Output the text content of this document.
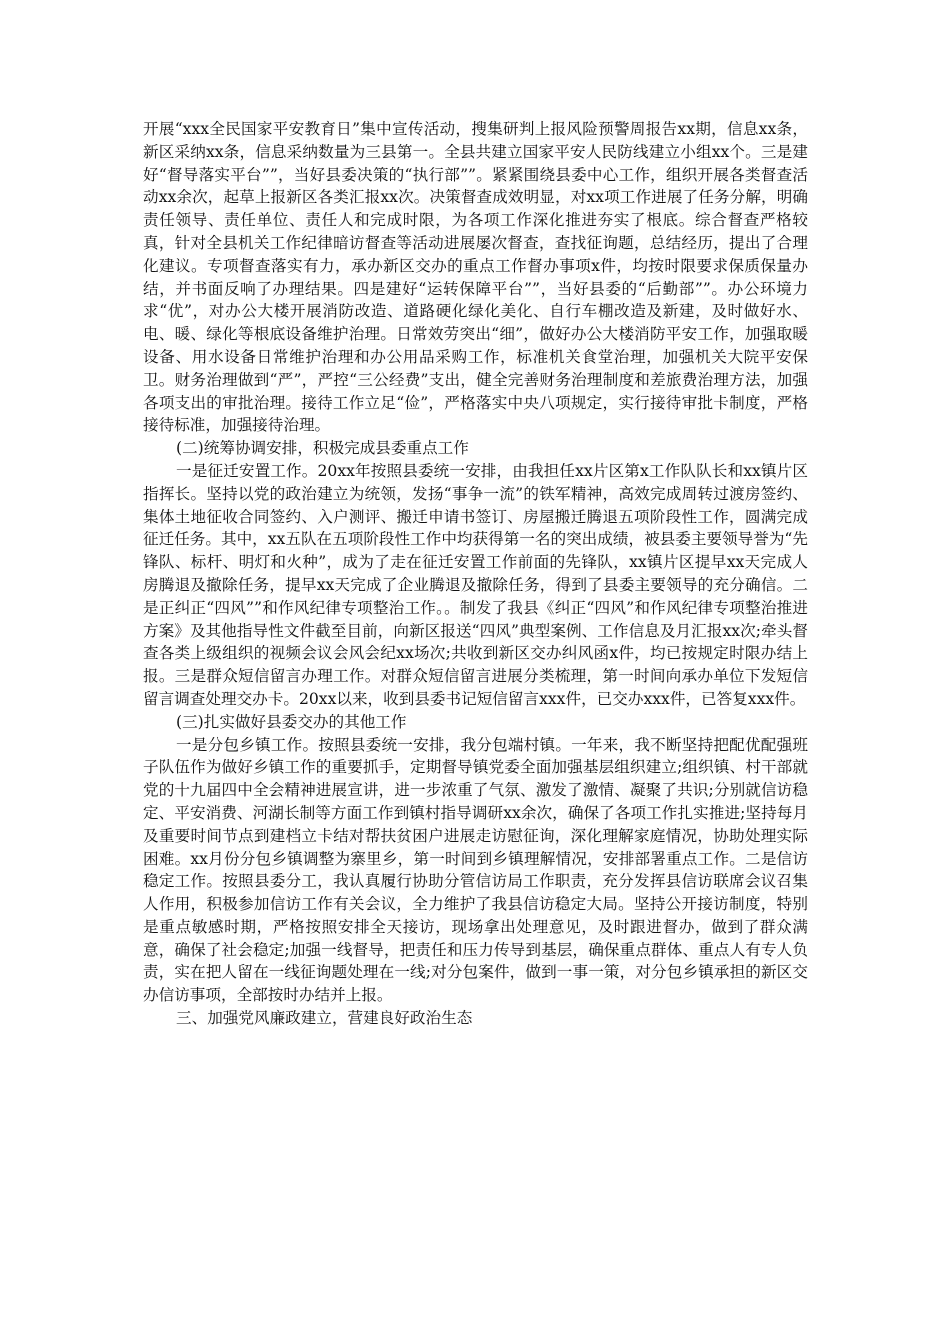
开展“xxx全民国家平安教育日”集中宣传活动，搜集研判上报风险预警周报告xx期，信息xx条，新区采纳xx条，信息采纳数量为三县第一。全县共建立国家平安人民防线建立小组xx个。三是建好“督导落实平台””，当好县委决策的“执行部””。紧紧围绕县委中心工作，组织开展各类督查活动xx余次，起草上报新区各类汇报xx次。决策督查成效明显，对xx项工作进展了任务分解，明确责任领导、责任单位、责任人和完成时限，为各项工作深化推进夯实了根底。综合督查严格较真，针对全县机关工作纪律暗访督查等活动进展屡次督查，查找征询题，总结经历，提出了合理化建议。专项督查落实有力，承办新区交办的重点工作督办事项x件，均按时限要求保质保量办结，并书面反响了办理结果。四是建好“运转保障平台””，当好县委的“后勤部””。办公环境力求“优”，对办公大楼开展消防改造、道路硬化绿化美化、自行车棚改造及新建，及时做好水、电、暖、绿化等根底设备维护治理。日常效劳突出“细”，做好办公大楼消防平安工作，加强取暖设备、用水设备日常维护治理和办公用品采购工作，标准机关食堂治理，加强机关大院平安保卫。财务治理做到“严”，严控“三公经费”支出，健全完善财务治理制度和差旅费治理方法，加强各项支出的审批治理。接待工作立足“俭”，严格落实中央八项规定，实行接待审批卡制度，严格接待标准，加强接待治理。

(二)统筹协调安排，积极完成县委重点工作

一是征迁安置工作。20xx年按照县委统一安排，由我担任xx片区第x工作队队长和xx镇片区指挥长。坚持以党的政治建立为统领，发扬“事争一流”的铁军精神，高效完成周转过渡房签约、集体土地征收合同签约、入户测评、搬迁申请书签订、房屋搬迁腾退五项阶段性工作，圆满完成征迁任务。其中，xx五队在五项阶段性工作中均获得第一名的突出成绩，被县委主要领导誉为“先锋队、标杆、明灯和火种”，成为了走在征迁安置工作前面的先锋队，xx镇片区提早xx天完成人房腾退及撤除任务，提早xx天完成了企业腾退及撤除任务，得到了县委主要领导的充分确信。二是正纠正“四风””和作风纪律专项整治工作。。制发了我县《纠正“四风”和作风纪律专项整治推进方案》及其他指导性文件截至目前，向新区报送“四风”典型案例、工作信息及月汇报xx次;牵头督查各类上级组织的视频会议会风会纪xx场次;共收到新区交办纠风函x件，均已按规定时限办结上报。三是群众短信留言办理工作。对群众短信留言进展分类梳理，第一时间向承办单位下发短信留言调查处理交办卡。20xx以来，收到县委书记短信留言xxx件，已交办xxx件，已答复xxx件。

(三)扎实做好县委交办的其他工作

一是分包乡镇工作。按照县委统一安排，我分包端村镇。一年来，我不断坚持把配优配强班子队伍作为做好乡镇工作的重要抓手，定期督导镇党委全面加强基层组织建立;组织镇、村干部就党的十九届四中全会精神进展宣讲，进一步浓重了气氛、激发了激情、凝聚了共识;分别就信访稳定、平安消费、河湖长制等方面工作到镇村指导调研xx余次，确保了各项工作扎实推进;坚持每月及重要时间节点到建档立卡结对帮扶贫困户进展走访慰征询，深化理解家庭情况，协助处理实际困难。xx月份分包乡镇调整为寨里乡，第一时间到乡镇理解情况，安排部署重点工作。二是信访稳定工作。按照县委分工，我认真履行协助分管信访局工作职责，充分发挥县信访联席会议召集人作用，积极参加信访工作有关会议，全力维护了我县信访稳定大局。坚持公开接访制度，特别是重点敏感时期，严格按照安排全天接访，现场拿出处理意见，及时跟进督办，做到了群众满意，确保了社会稳定;加强一线督导，把责任和压力传导到基层，确保重点群体、重点人有专人负责，实在把人留在一线征询题处理在一线;对分包案件，做到一事一策，对分包乡镇承担的新区交办信访事项，全部按时办结并上报。

三、加强党风廉政建立，营建良好政治生态
